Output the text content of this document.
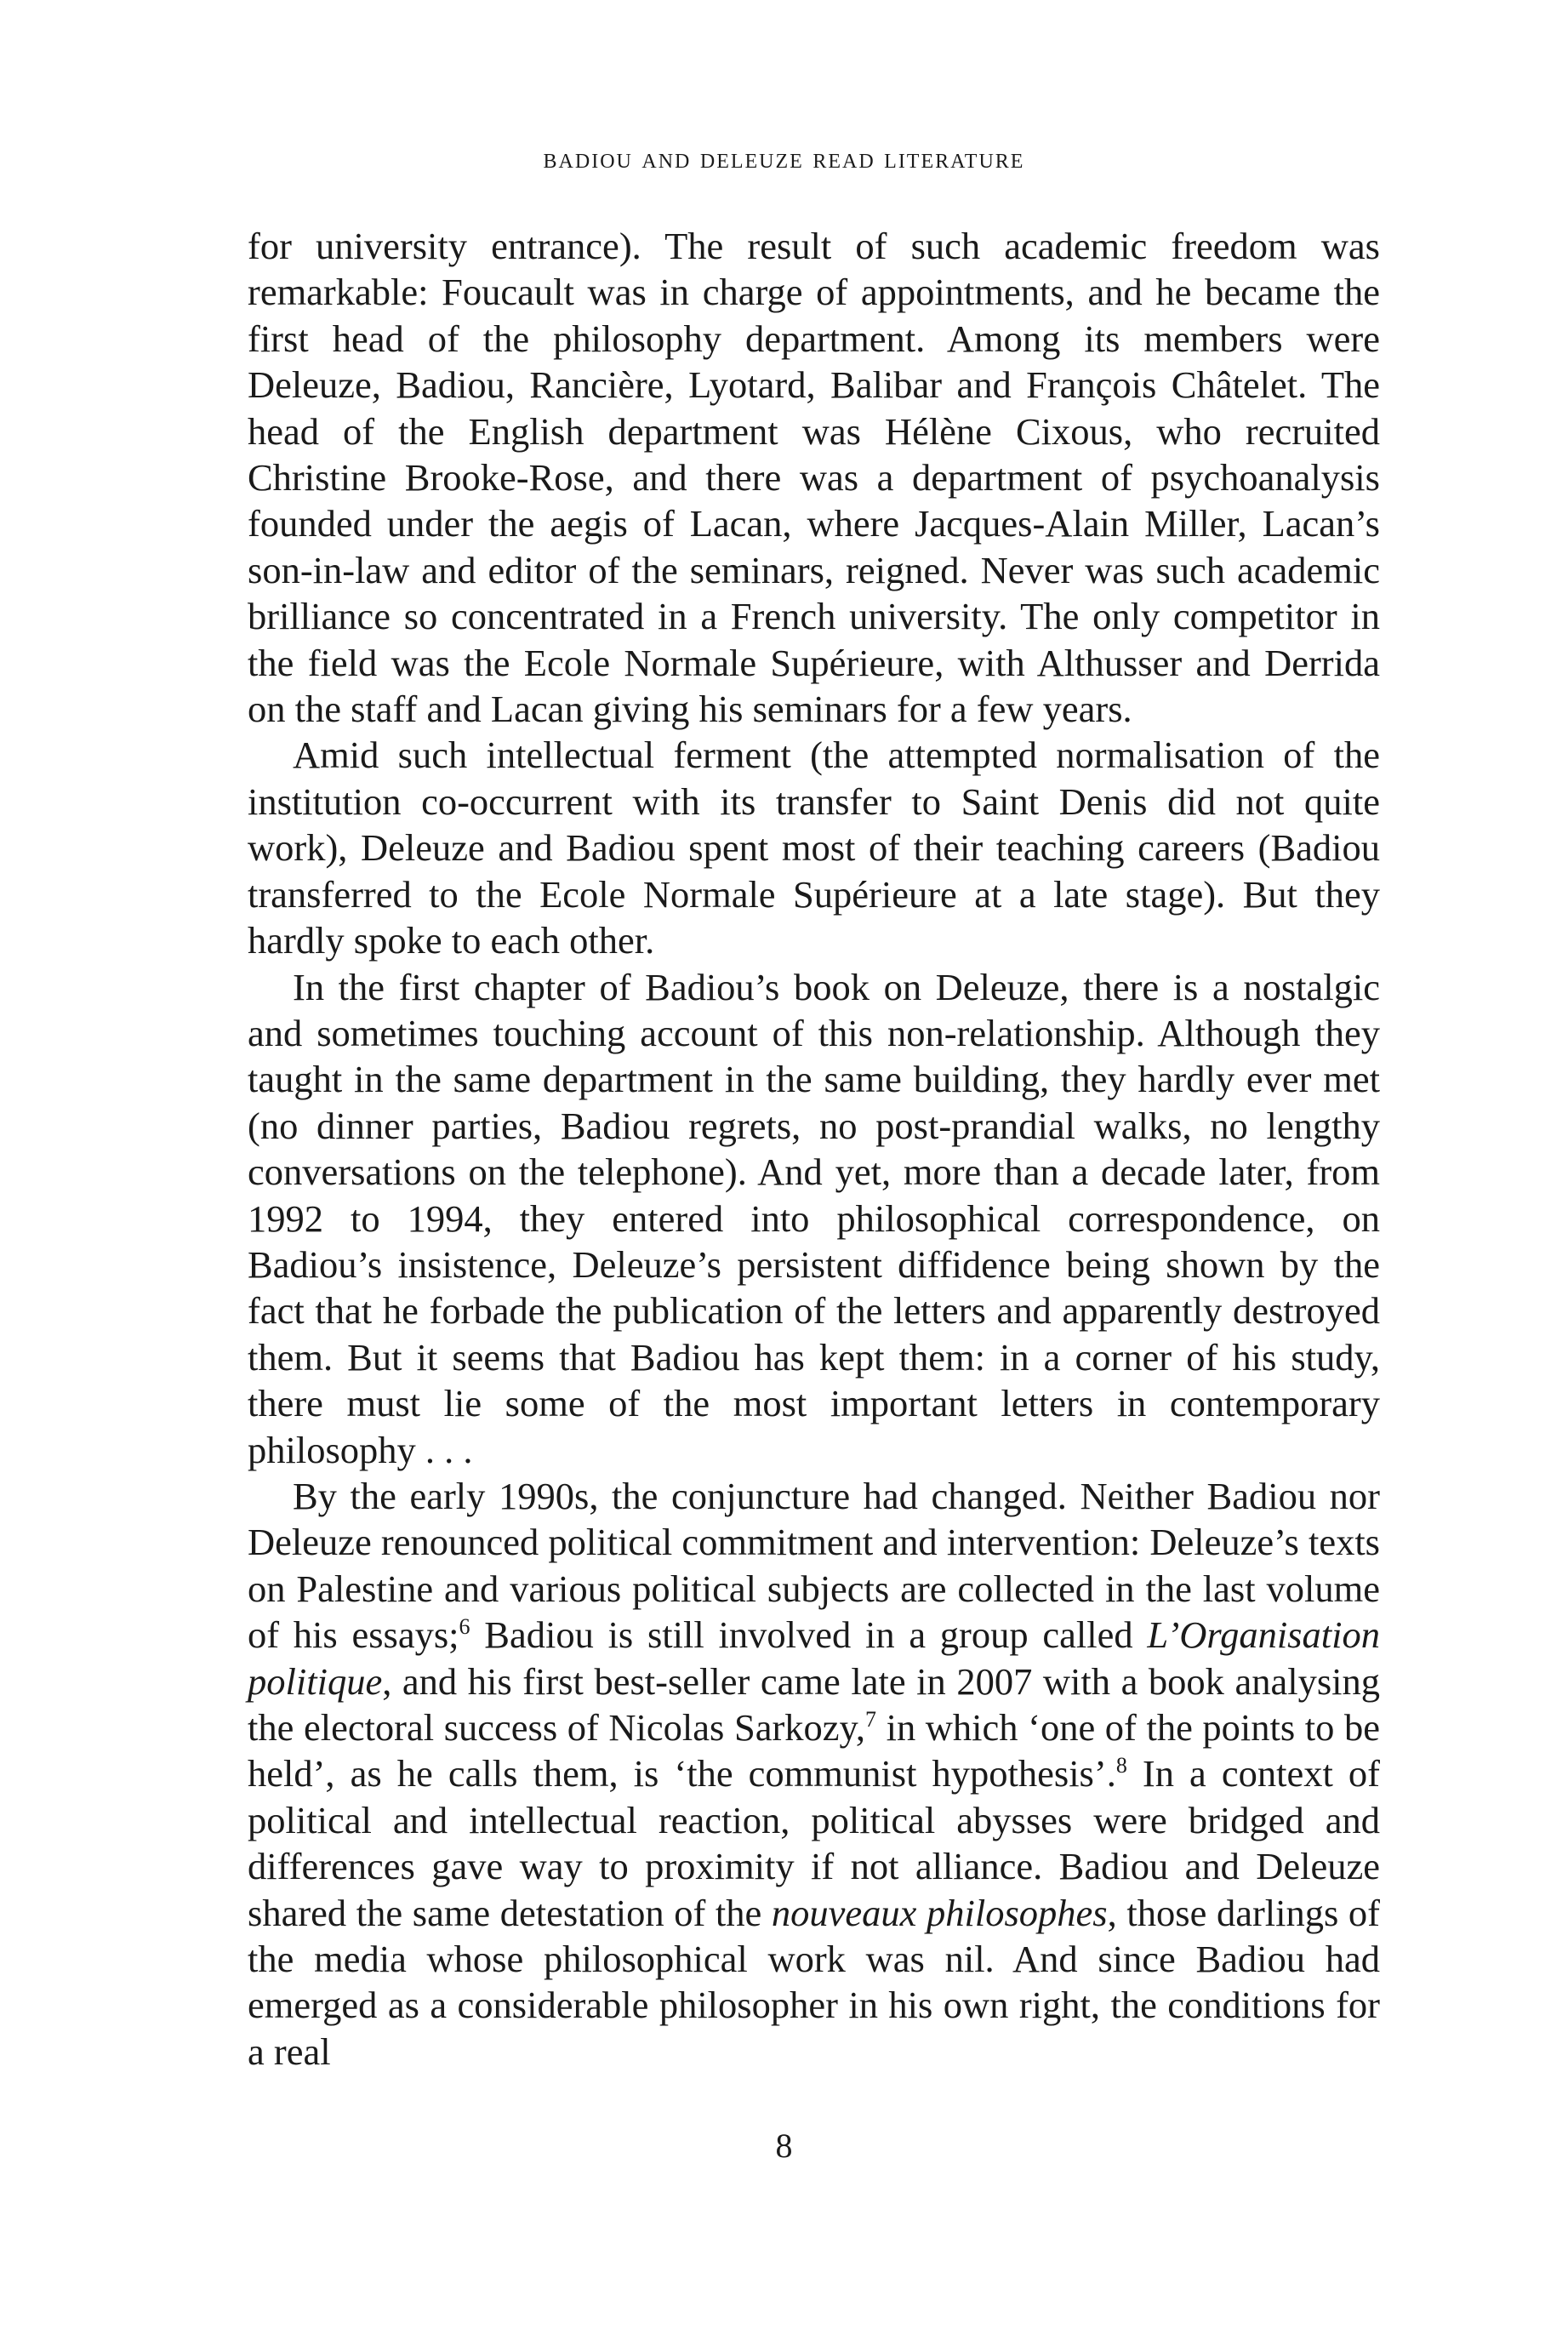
badiou and deleuze read literature

for university entrance). The result of such academic freedom was remarkable: Foucault was in charge of appointments, and he became the first head of the philosophy department. Among its members were Deleuze, Badiou, Rancière, Lyotard, Balibar and François Châtelet. The head of the English department was Hélène Cixous, who recruited Christine Brooke-Rose, and there was a department of psychoanalysis founded under the aegis of Lacan, where Jacques-Alain Miller, Lacan’s son-in-law and editor of the seminars, reigned. Never was such academic brilliance so concentrated in a French university. The only competitor in the field was the Ecole Normale Supérieure, with Althusser and Derrida on the staff and Lacan giving his seminars for a few years.

Amid such intellectual ferment (the attempted normalisation of the institution co-occurrent with its transfer to Saint Denis did not quite work), Deleuze and Badiou spent most of their teaching careers (Badiou transferred to the Ecole Normale Supérieure at a late stage). But they hardly spoke to each other.

In the first chapter of Badiou’s book on Deleuze, there is a nostalgic and sometimes touching account of this non-relationship. Although they taught in the same department in the same building, they hardly ever met (no dinner parties, Badiou regrets, no post-prandial walks, no lengthy conversations on the telephone). And yet, more than a decade later, from 1992 to 1994, they entered into philosophical correspondence, on Badiou’s insistence, Deleuze’s persistent diffidence being shown by the fact that he forbade the publication of the letters and apparently destroyed them. But it seems that Badiou has kept them: in a corner of his study, there must lie some of the most important letters in contemporary philosophy . . .

By the early 1990s, the conjuncture had changed. Neither Badiou nor Deleuze renounced political commitment and intervention: Deleuze’s texts on Palestine and various political subjects are collected in the last volume of his essays;$^6$ Badiou is still involved in a group called L’Organisation politique, and his first best-seller came late in 2007 with a book analysing the electoral success of Nicolas Sarkozy,$^7$ in which ‘one of the points to be held’, as he calls them, is ‘the communist hypothesis’.$^8$ In a context of political and intellectual reaction, political abysses were bridged and differences gave way to proximity if not alliance. Badiou and Deleuze shared the same detestation of the nouveaux philosophes, those darlings of the media whose philosophical work was nil. And since Badiou had emerged as a considerable philosopher in his own right, the conditions for a real

8
